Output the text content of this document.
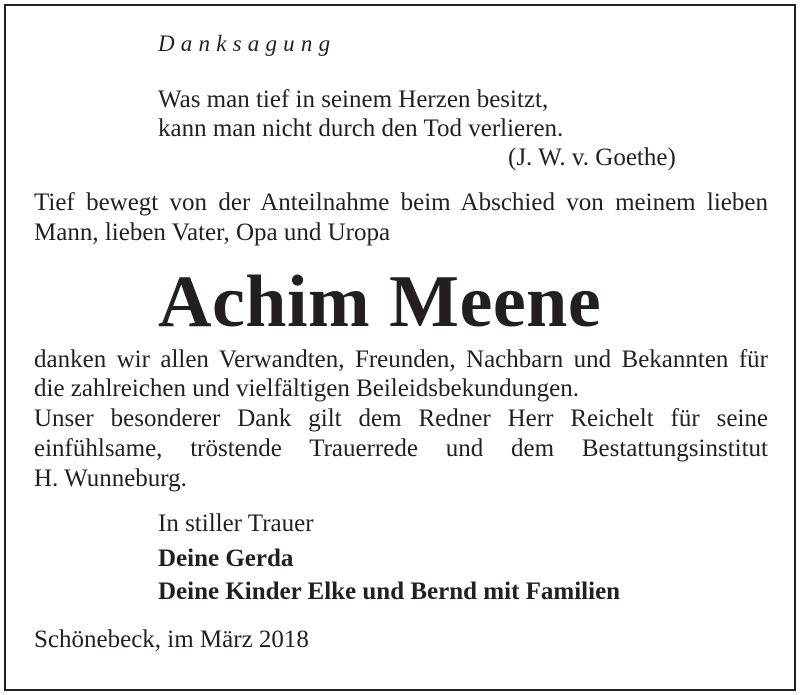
Danksagung

Was man tief in seinem Herzen besitzt,

kann man nicht durch den Tod verlieren.

(J. W. v. Goethe)

Tief bewegt von der Anteilnahme beim Abschied von meinem lieben

Mann, lieben Vater, Opa und Uropa

Achim Meene

danken wir allen Verwandten, Freunden, Nachbarn und Bekannten für

die zahlreichen und vielfältigen Beileidsbekundungen.

Unser besonderer Dank gilt dem Redner Herr Reichelt für seine

einfühlsame, tröstende Trauerrede und dem Bestattungsinstitut

H. Wunneburg.

In stiller Trauer

Deine Gerda

Deine Kinder Elke und Bernd mit Familien

Schönebeck, im März 2018
